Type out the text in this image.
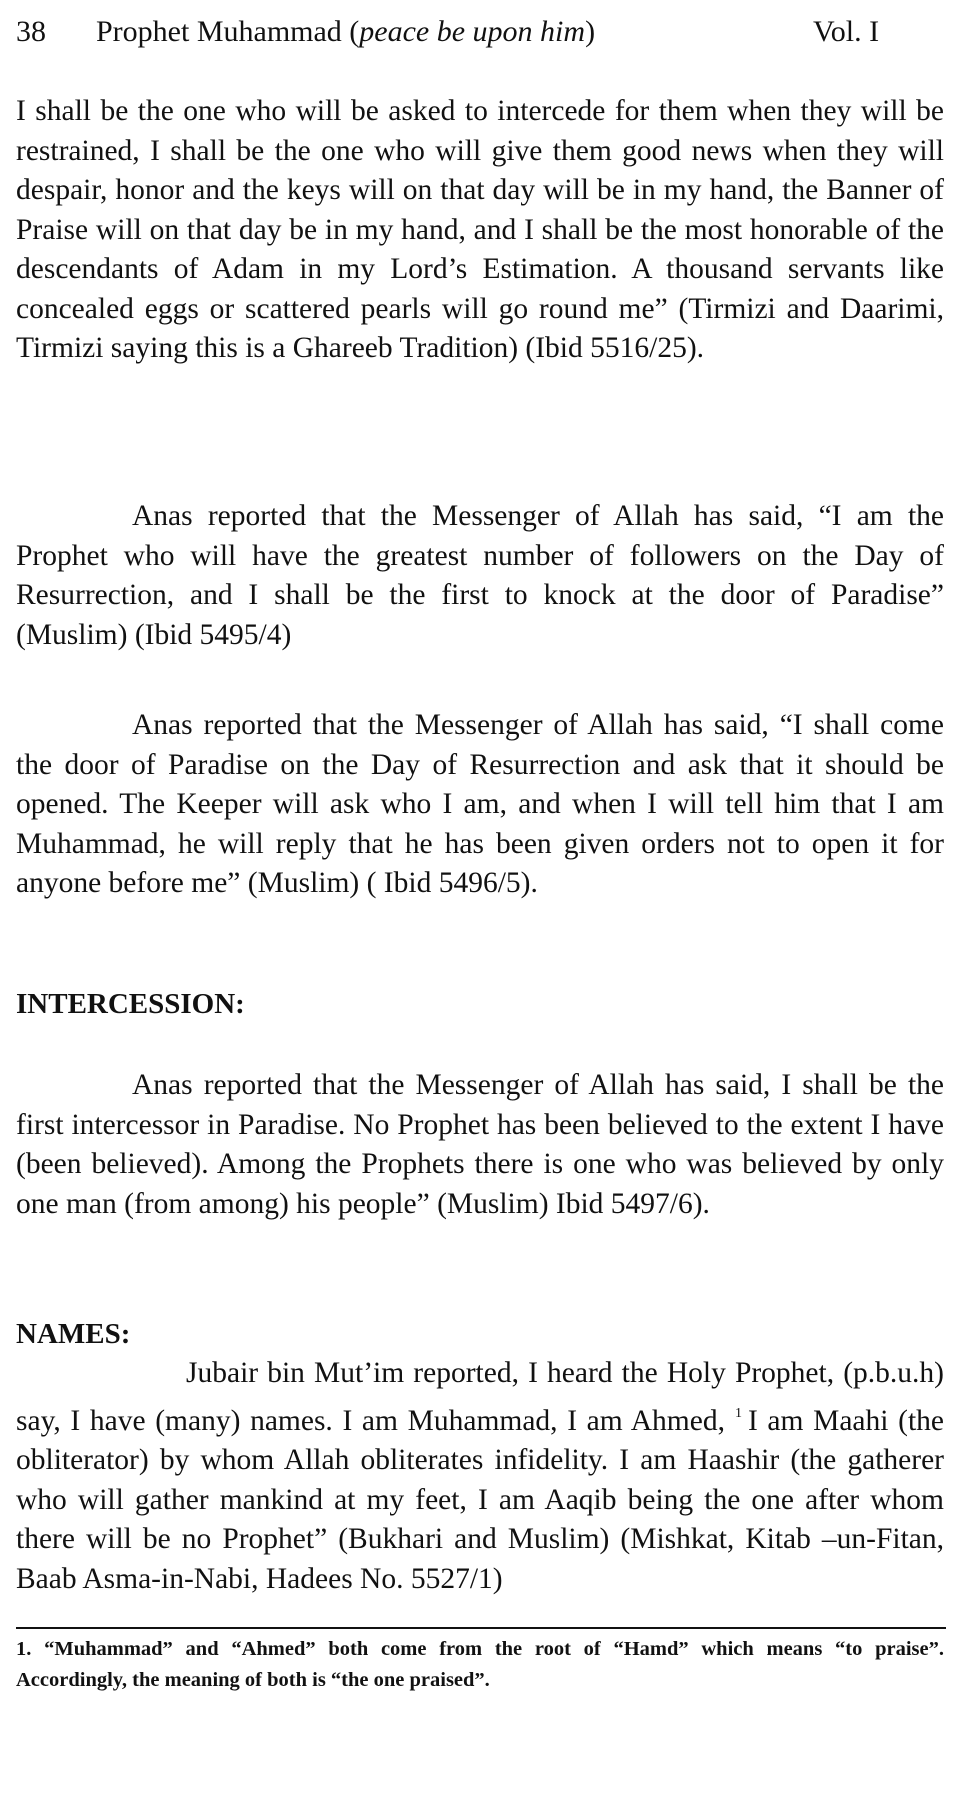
38 Prophet Muhammad (peace be upon him)	Vol. I

I shall be the one who will be asked to intercede for them when they will be restrained, I shall be the one who will give them good news when they will despair, honor and the keys will on that day will be in my hand, the Banner of Praise will on that day be in my hand, and I shall be the most honorable of the descendants of Adam in my Lord’s Estimation. A thousand servants like concealed eggs or scattered pearls will go round me” (Tirmizi and Daarimi, Tirmizi saying this is a Ghareeb Tradition) (Ibid 5516/25).

Anas reported that the Messenger of Allah has said, “I am the Prophet who will have the greatest number of followers on the Day of Resurrection, and I shall be the first to knock at the door of Paradise” (Muslim) (Ibid 5495/4)

Anas reported that the Messenger of Allah has said, “I shall come the door of Paradise on the Day of Resurrection and ask that it should be opened. The Keeper will ask who I am, and when I will tell him that I am Muhammad, he will reply that he has been given orders not to open it for anyone before me” (Muslim) ( Ibid 5496/5).

INTERCESSION:

Anas reported that the Messenger of Allah has said, I shall be the first intercessor in Paradise. No Prophet has been believed to the extent I have (been believed). Among the Prophets there is one who was believed by only one man (from among) his people” (Muslim) Ibid 5497/6).

NAMES:

Jubair bin Mut’im reported, I heard the Holy Prophet, (p.b.u.h) say, I have (many) names. I am Muhammad, I am Ahmed, $^1$ I am Maahi (the obliterator) by whom Allah obliterates infidelity. I am Haashir (the gatherer who will gather mankind at my feet, I am Aaqib being the one after whom there will be no Prophet” (Bukhari and Muslim) (Mishkat, Kitab –un-Fitan, Baab Asma-in-Nabi, Hadees No. 5527/1)

1. “Muhammad” and “Ahmed” both come from the root of “Hamd” which means “to praise”. Accordingly, the meaning of both is “the one praised”.
